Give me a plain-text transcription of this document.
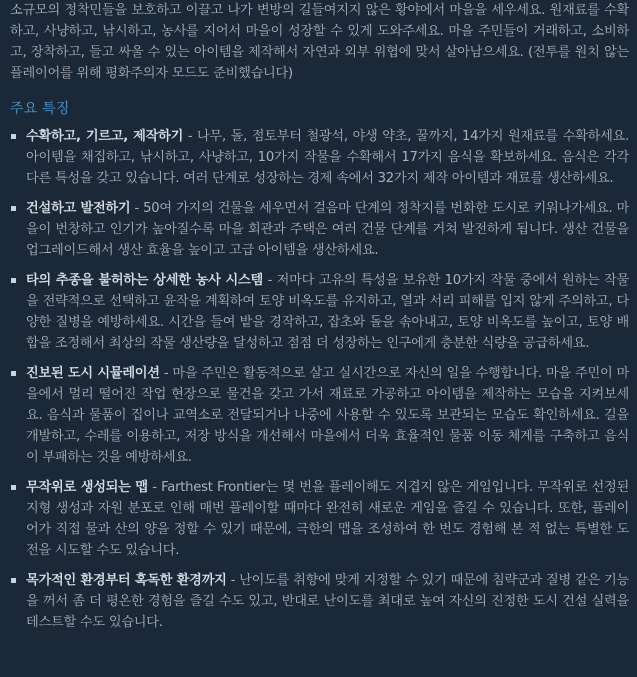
소규모의 정착민들을 보호하고 이끌고 나가 변방의 길들여지지 않은 황야에서 마을을 세우세요. 원재료를 수확하고, 사냥하고, 낚시하고, 농사를 지어서 마을이 성장할 수 있게 도와주세요. 마을 주민들이 거래하고, 소비하고, 장착하고, 들고 싸울 수 있는 아이템을 제작해서 자연과 외부 위협에 맞서 살아남으세요. (전투를 원치 않는 플레이어를 위해 평화주의자 모드도 준비했습니다)

주요 특징
수확하고, 기르고, 제작하기 - 나무, 돌, 점토부터 철광석, 야생 약초, 꿀까지, 14가지 원재료를 수확하세요. 아이템을 채집하고, 낚시하고, 사냥하고, 10가지 작물을 수확해서 17가지 음식을 확보하세요. 음식은 각각 다른 특성을 갖고 있습니다. 여러 단계로 성장하는 경제 속에서 32가지 제작 아이템과 재료를 생산하세요.
건설하고 발전하기 - 50여 가지의 건물을 세우면서 걸음마 단계의 정착지를 번화한 도시로 키워나가세요. 마을이 번창하고 인기가 높아질수록 마을 회관과 주택은 여러 건물 단계를 거쳐 발전하게 됩니다. 생산 건물을 업그레이드해서 생산 효율을 높이고 고급 아이템을 생산하세요.
타의 추종을 불허하는 상세한 농사 시스템 - 저마다 고유의 특성을 보유한 10가지 작물 중에서 원하는 작물을 전략적으로 선택하고 윤작을 계획하여 토양 비옥도를 유지하고, 열과 서리 피해를 입지 않게 주의하고, 다양한 질병을 예방하세요. 시간을 들여 밭을 경작하고, 잡초와 돌을 솎아내고, 토양 비옥도를 높이고, 토양 배합을 조정해서 최상의 작물 생산량을 달성하고 점점 더 성장하는 인구에게 충분한 식량을 공급하세요.
진보된 도시 시뮬레이션 - 마을 주민은 활동적으로 살고 실시간으로 자신의 일을 수행합니다. 마을 주민이 마을에서 멀리 떨어진 작업 현장으로 물건을 갖고 가서 재료로 가공하고 아이템을 제작하는 모습을 지켜보세요. 음식과 물품이 집이나 교역소로 전달되거나 나중에 사용할 수 있도록 보관되는 모습도 확인하세요. 길을 개발하고, 수레를 이용하고, 저장 방식을 개선해서 마을에서 더욱 효율적인 물품 이동 체계를 구축하고 음식이 부패하는 것을 예방하세요.
무작위로 생성되는 맵 - Farthest Frontier는 몇 번을 플레이해도 지겹지 않은 게임입니다. 무작위로 선정된 지형 생성과 자원 분포로 인해 매번 플레이할 때마다 완전히 새로운 게임을 즐길 수 있습니다. 또한, 플레이어가 직접 물과 산의 양을 정할 수 있기 때문에, 극한의 맵을 조성하여 한 번도 경험해 본 적 없는 특별한 도전을 시도할 수도 있습니다.
목가적인 환경부터 혹독한 환경까지 - 난이도를 취향에 맞게 지정할 수 있기 때문에 침략군과 질병 같은 기능을 꺼서 좀 더 평온한 경험을 즐길 수도 있고, 반대로 난이도를 최대로 높여 자신의 진정한 도시 건설 실력을 테스트할 수도 있습니다.
